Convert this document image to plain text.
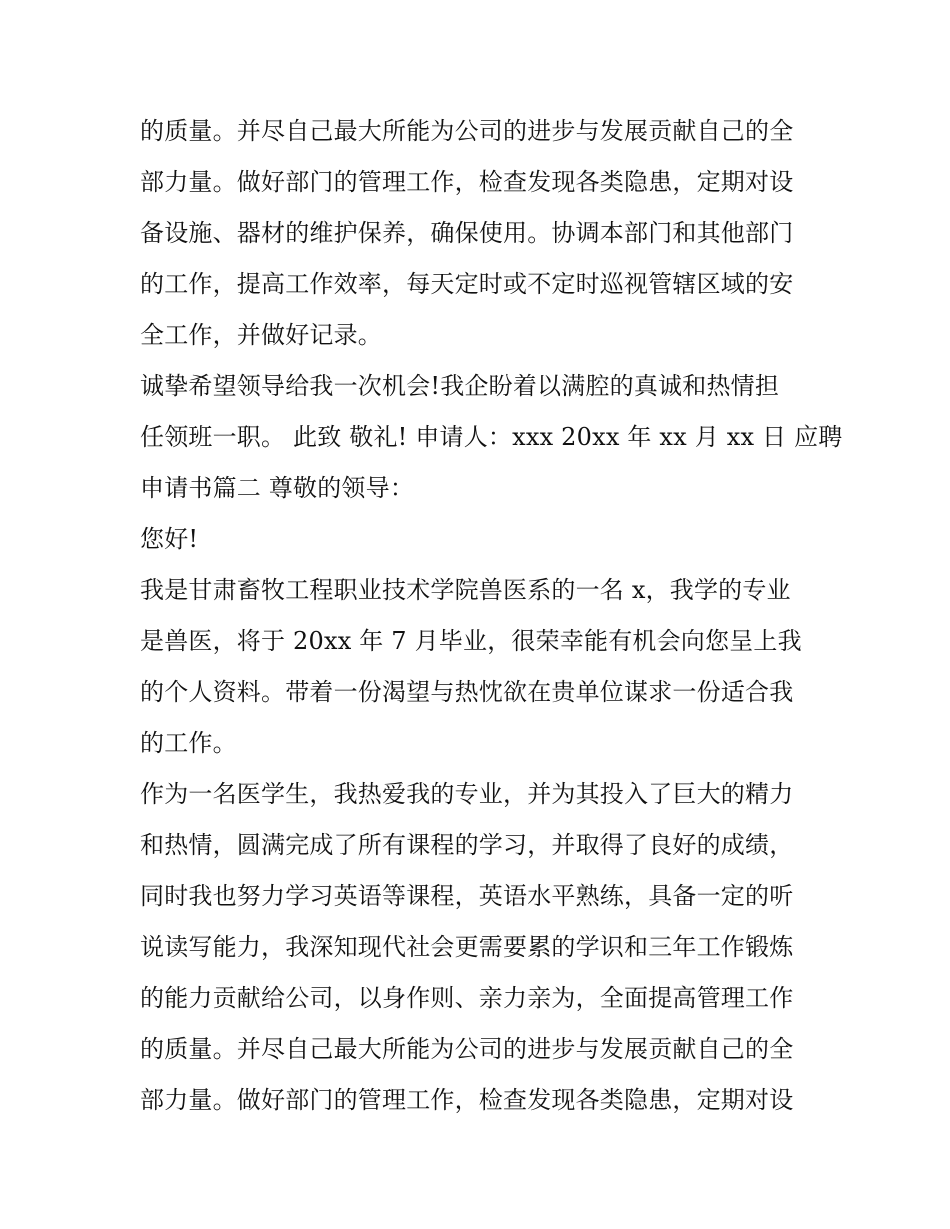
的质量。并尽自己最大所能为公司的进步与发展贡献自己的全
部力量。做好部门的管理工作，检查发现各类隐患，定期对设
备设施、器材的维护保养，确保使用。协调本部门和其他部门
的工作，提高工作效率，每天定时或不定时巡视管辖区域的安
全工作，并做好记录。
诚挚希望领导给我一次机会!我企盼着以满腔的真诚和热情担
任领班一职。 此致 敬礼! 申请人：xxx 20xx 年 xx 月 xx 日 应聘
申请书篇二 尊敬的领导：
您好!
我是甘肃畜牧工程职业技术学院兽医系的一名 x，我学的专业
是兽医，将于 20xx 年 7 月毕业，很荣幸能有机会向您呈上我
的个人资料。带着一份渴望与热忱欲在贵单位谋求一份适合我
的工作。
作为一名医学生，我热爱我的专业，并为其投入了巨大的精力
和热情，圆满完成了所有课程的学习，并取得了良好的成绩，
同时我也努力学习英语等课程，英语水平熟练，具备一定的听
说读写能力，我深知现代社会更需要累的学识和三年工作锻炼
的能力贡献给公司，以身作则、亲力亲为，全面提高管理工作
的质量。并尽自己最大所能为公司的进步与发展贡献自己的全
部力量。做好部门的管理工作，检查发现各类隐患，定期对设
